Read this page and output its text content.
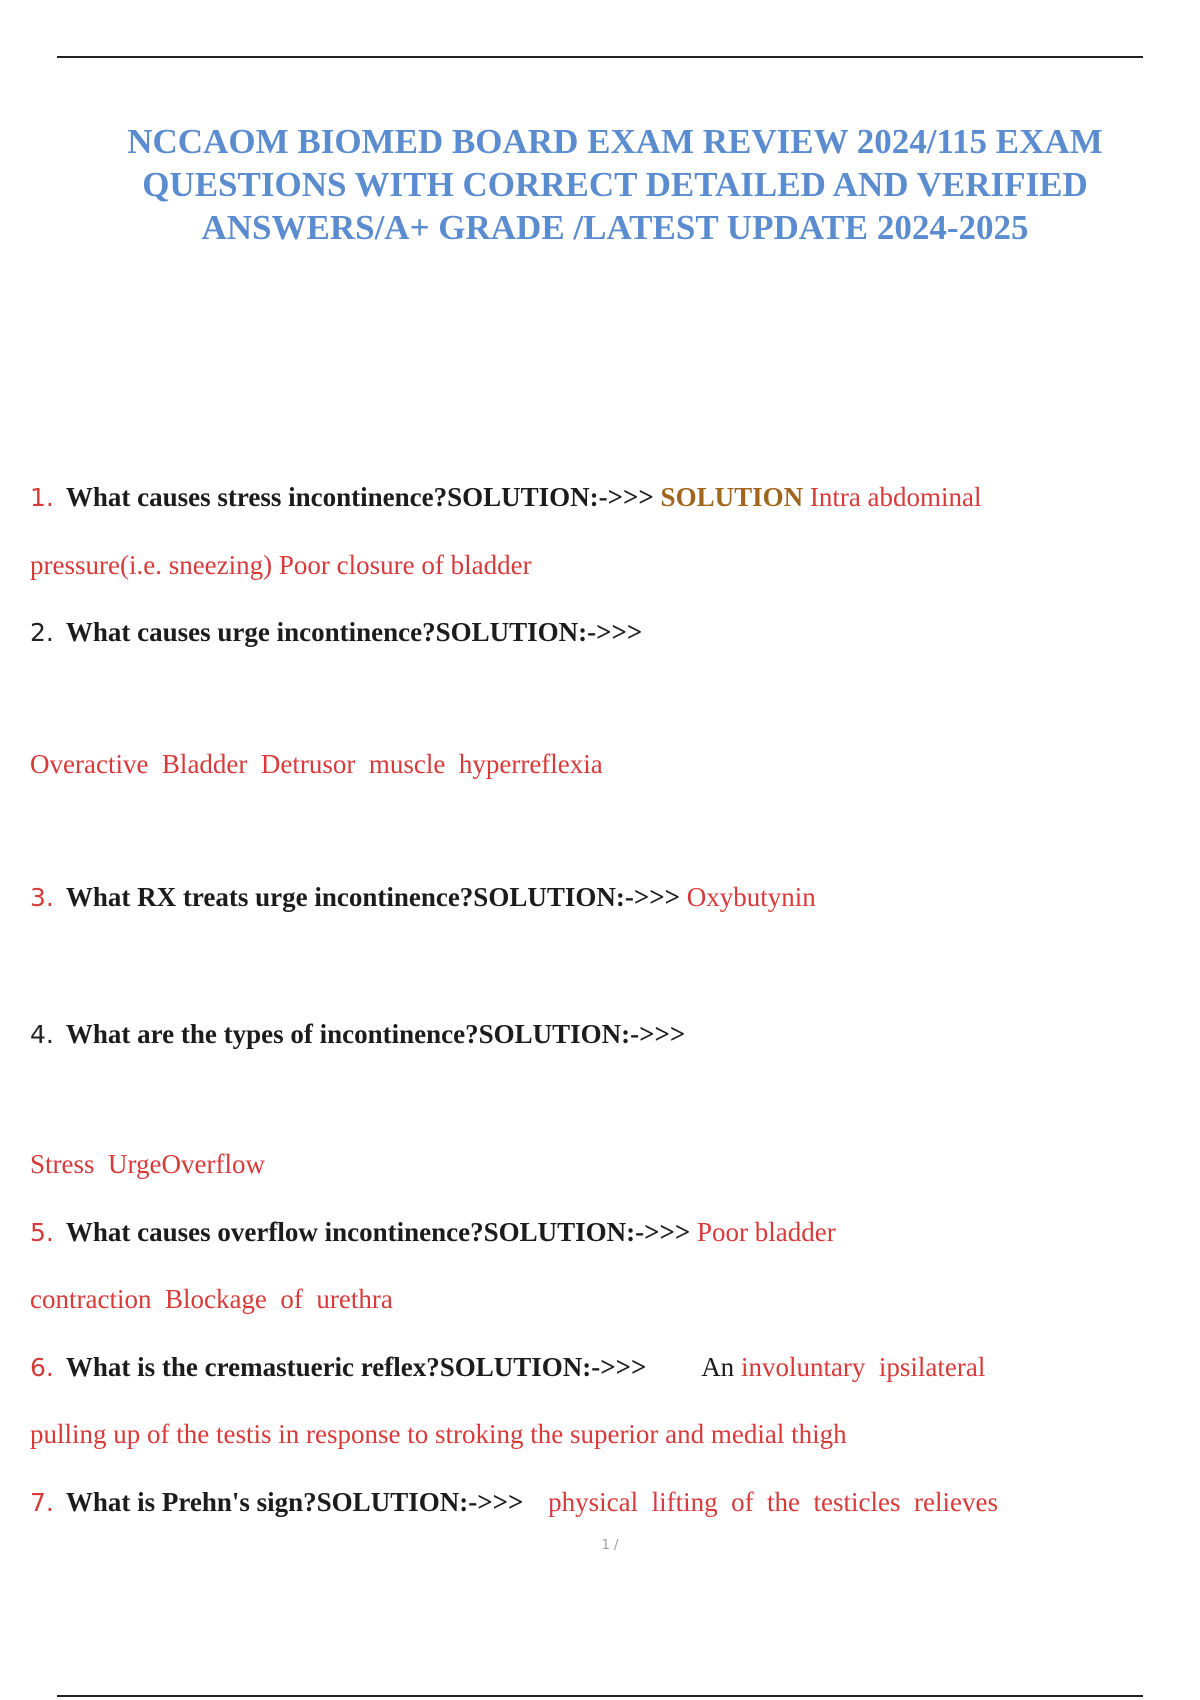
NCCAOM BIOMED BOARD EXAM REVIEW 2024/115 EXAM
QUESTIONS WITH CORRECT DETAILED AND VERIFIED
ANSWERS/A+ GRADE /LATEST UPDATE 2024-2025
1. What causes stress incontinence?SOLUTION:->>> SOLUTION Intra abdominal
pressure(i.e. sneezing) Poor closure of bladder
2. What causes urge incontinence?SOLUTION:->>>
Overactive  Bladder  Detrusor  muscle  hyperreflexia
3. What RX treats urge incontinence?SOLUTION:->>> Oxybutynin
4. What are the types of incontinence?SOLUTION:->>>
Stress  UrgeOverflow
5. What causes overflow incontinence?SOLUTION:->>> Poor bladder
contraction  Blockage  of  urethra
6. What is the cremastueric reflex?SOLUTION:->>> An involuntary  ipsilateral
pulling up of the testis in response to stroking the superior and medial thigh
7. What is Prehn's sign?SOLUTION:->>> physical  lifting  of  the  testicles  relieves
1 /
